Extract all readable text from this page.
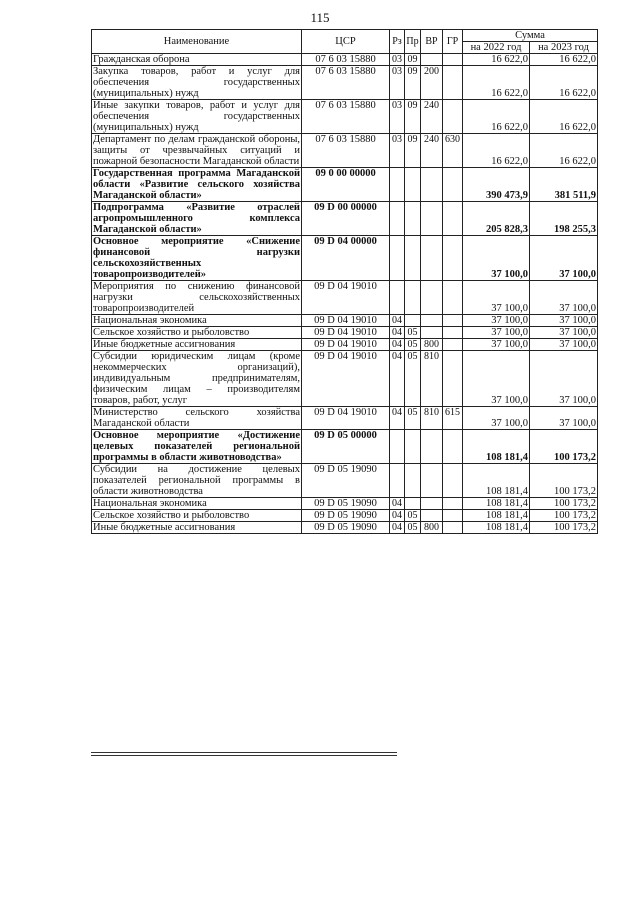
115
Наименование	ЦСР	Рз	Пр	ВР	ГР	Сумма	
						на 2022 год	на 2023 год
Гражданская оборона	07 6 03 15880	03	09			16 622,0	16 622,0
Закупка товаров, работ и услуг для обеспечения государственных (муниципальных) нужд	07 6 03 15880	03	09	200		16 622,0	16 622,0
Иные закупки товаров, работ и услуг для обеспечения государственных (муниципальных) нужд	07 6 03 15880	03	09	240		16 622,0	16 622,0
Департамент по делам гражданской обороны, защиты от чрезвычайных ситуаций и пожарной безопасности Магаданской области	07 6 03 15880	03	09	240	630	16 622,0	16 622,0
Государственная программа Магаданской области «Развитие сельского хозяйства Магаданской области»	09 0 00 00000					390 473,9	381 511,9
Подпрограмма «Развитие отраслей агропромышленного комплекса Магаданской области»	09 D 00 00000					205 828,3	198 255,3
Основное мероприятие «Снижение финансовой нагрузки сельскохозяйственных товаропроизводителей»	09 D 04 00000					37 100,0	37 100,0
Мероприятия по снижению финансовой нагрузки сельскохозяйственных товаропроизводителей	09 D 04 19010					37 100,0	37 100,0
Национальная экономика	09 D 04 19010	04				37 100,0	37 100,0
Сельское хозяйство и рыболовство	09 D 04 19010	04	05			37 100,0	37 100,0
Иные бюджетные ассигнования	09 D 04 19010	04	05	800		37 100,0	37 100,0
Субсидии юридическим лицам (кроме некоммерческих организаций), индивидуальным предпринимателям, физическим лицам – производителям товаров, работ, услуг	09 D 04 19010	04	05	810		37 100,0	37 100,0
Министерство сельского хозяйства Магаданской области	09 D 04 19010	04	05	810	615	37 100,0	37 100,0
Основное мероприятие «Достижение целевых показателей региональной программы в области животноводства»	09 D 05 00000					108 181,4	100 173,2
Субсидии на достижение целевых показателей региональной программы в области животноводства	09 D 05 19090					108 181,4	100 173,2
Национальная экономика	09 D 05 19090	04				108 181,4	100 173,2
Сельское хозяйство и рыболовство	09 D 05 19090	04	05			108 181,4	100 173,2
Иные бюджетные ассигнования	09 D 05 19090	04	05	800		108 181,4	100 173,2
